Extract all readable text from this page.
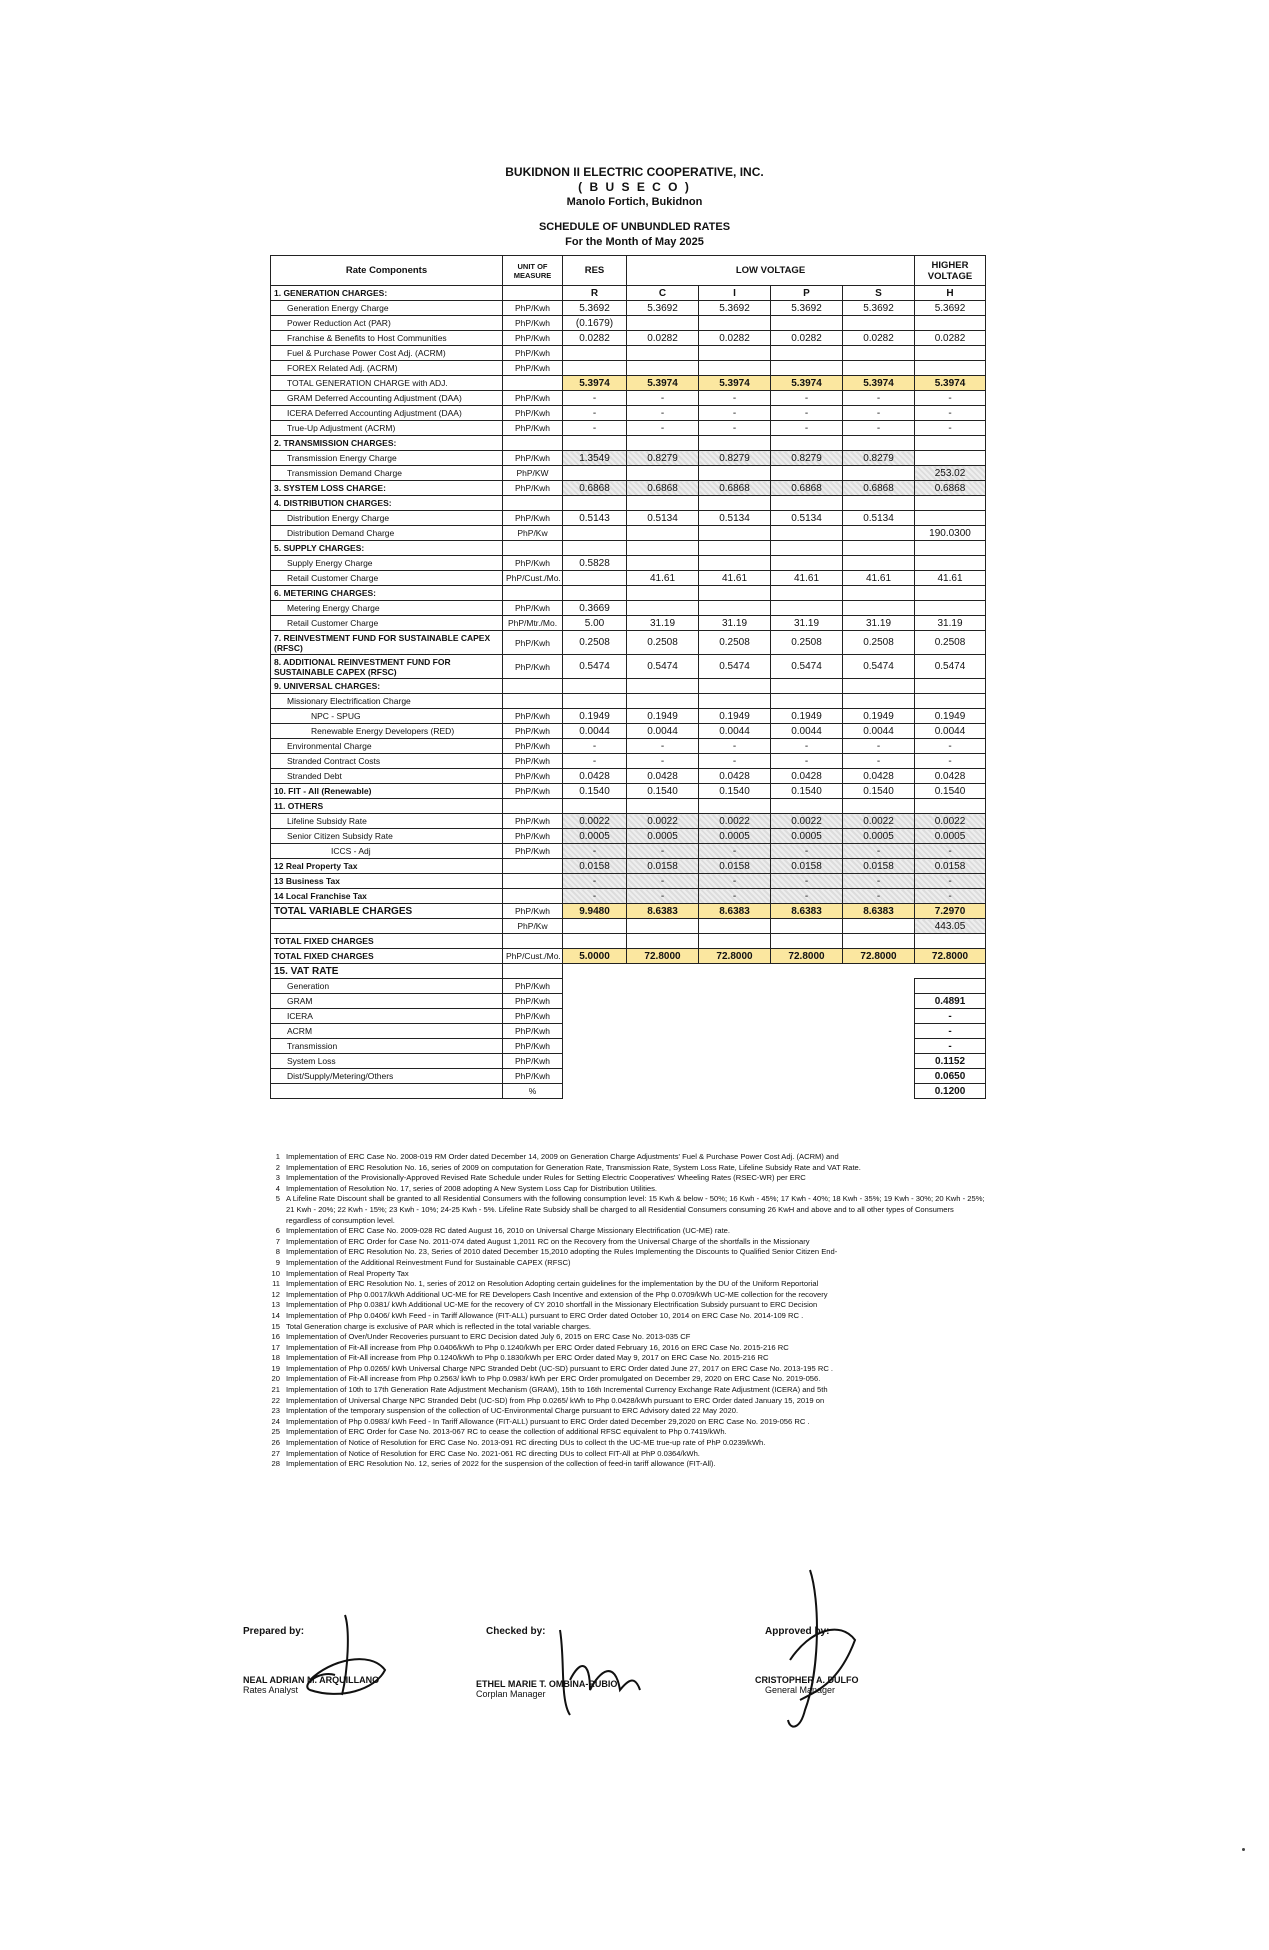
BUKIDNON II ELECTRIC COOPERATIVE, INC.
( B U S E C O )
Manolo Fortich, Bukidnon
SCHEDULE OF UNBUNDLED RATES
For the Month of May 2025
Rate Components	UNIT OF MEASURE	RES	LOW VOLTAGE				HIGHER VOLTAGE
1. GENERATION CHARGES:		R	C	I	P	S	H
Generation Energy Charge	PhP/Kwh	5.3692	5.3692	5.3692	5.3692	5.3692	5.3692
Power Reduction Act (PAR)	PhP/Kwh	(0.1679)					
Franchise & Benefits to Host Communities	PhP/Kwh	0.0282	0.0282	0.0282	0.0282	0.0282	0.0282
Fuel & Purchase Power Cost Adj. (ACRM)	PhP/Kwh						
FOREX Related Adj. (ACRM)	PhP/Kwh						
TOTAL GENERATION CHARGE with ADJ.		5.3974	5.3974	5.3974	5.3974	5.3974	5.3974
GRAM Deferred Accounting Adjustment (DAA)	PhP/Kwh	-	-	-	-	-	-
ICERA Deferred Accounting Adjustment (DAA)	PhP/Kwh	-	-	-	-	-	-
True-Up Adjustment (ACRM)	PhP/Kwh	-	-	-	-	-	-
2. TRANSMISSION CHARGES:							
Transmission Energy Charge	PhP/Kwh	1.3549	0.8279	0.8279	0.8279	0.8279	
Transmission Demand Charge	PhP/KW						253.02
3. SYSTEM LOSS CHARGE:	PhP/Kwh	0.6868	0.6868	0.6868	0.6868	0.6868	0.6868
4. DISTRIBUTION CHARGES:							
Distribution Energy Charge	PhP/Kwh	0.5143	0.5134	0.5134	0.5134	0.5134	
Distribution Demand Charge	PhP/Kw						190.0300
5. SUPPLY CHARGES:							
Supply Energy Charge	PhP/Kwh	0.5828					
Retail Customer Charge	PhP/Cust./Mo.		41.61	41.61	41.61	41.61	41.61
6. METERING CHARGES:							
Metering Energy Charge	PhP/Kwh	0.3669					
Retail Customer Charge	PhP/Mtr./Mo.	5.00	31.19	31.19	31.19	31.19	31.19
7. REINVESTMENT FUND FOR SUSTAINABLE CAPEX (RFSC)	PhP/Kwh	0.2508	0.2508	0.2508	0.2508	0.2508	0.2508
8. ADDITIONAL REINVESTMENT FUND FOR SUSTAINABLE CAPEX (RFSC)	PhP/Kwh	0.5474	0.5474	0.5474	0.5474	0.5474	0.5474
9. UNIVERSAL CHARGES:							
Missionary Electrification Charge							
NPC - SPUG	PhP/Kwh	0.1949	0.1949	0.1949	0.1949	0.1949	0.1949
Renewable Energy Developers (RED)	PhP/Kwh	0.0044	0.0044	0.0044	0.0044	0.0044	0.0044
Environmental Charge	PhP/Kwh	-	-	-	-	-	-
Stranded Contract Costs	PhP/Kwh	-	-	-	-	-	-
Stranded Debt	PhP/Kwh	0.0428	0.0428	0.0428	0.0428	0.0428	0.0428
10. FIT - All (Renewable)	PhP/Kwh	0.1540	0.1540	0.1540	0.1540	0.1540	0.1540
11. OTHERS							
Lifeline Subsidy Rate	PhP/Kwh	0.0022	0.0022	0.0022	0.0022	0.0022	0.0022
Senior Citizen Subsidy Rate	PhP/Kwh	0.0005	0.0005	0.0005	0.0005	0.0005	0.0005
ICCS - Adj	PhP/Kwh	-	-	-	-	-	-
12 Real Property Tax		0.0158	0.0158	0.0158	0.0158	0.0158	0.0158
13 Business Tax		-	-	-	-	-	-
14 Local Franchise Tax		-	-	-	-	-	-
TOTAL VARIABLE CHARGES	PhP/Kwh	9.9480	8.6383	8.6383	8.6383	8.6383	7.2970
	PhP/Kw						443.05
TOTAL FIXED CHARGES							
TOTAL FIXED CHARGES	PhP/Cust./Mo.	5.0000	72.8000	72.8000	72.8000	72.8000	72.8000
15. VAT RATE							
Generation	PhP/Kwh						
GRAM	PhP/Kwh						0.4891
ICERA	PhP/Kwh						-
ACRM	PhP/Kwh						-
Transmission	PhP/Kwh						-
System Loss	PhP/Kwh						0.1152
Dist/Supply/Metering/Others	PhP/Kwh						0.0650
	%						0.1200
1 Implementation of ERC Case No. 2008-019 RM Order dated December 14, 2009 on Generation Charge Adjustments' Fuel & Purchase Power Cost Adj. (ACRM) and
2 Implementation of ERC Resolution No. 16, series of 2009 on computation for Generation Rate, Transmission Rate, System Loss Rate, Lifeline Subsidy Rate and VAT Rate.
3 Implementation of the Provisionally-Approved Revised Rate Schedule under Rules for Setting Electric Cooperatives' Wheeling Rates (RSEC-WR) per ERC
4 Implementation of Resolution No. 17, series of 2008 adopting A New System Loss Cap for Distribution Utilities.
5 A Lifeline Rate Discount shall be granted to all Residential Consumers with the following consumption level: 15 Kwh & below - 50%; 16 Kwh - 45%; 17 Kwh - 40%; 18 Kwh - 35%; 19 Kwh - 30%; 20 Kwh - 25%; 21 Kwh - 20%; 22 Kwh - 15%; 23 Kwh - 10%; 24-25 Kwh - 5%. Lifeline Rate Subsidy shall be charged to all Residential Consumers consuming 26 KwH and above and to all other types of Consumers regardless of consumption level.
6 Implementation of ERC Case No. 2009-028 RC dated August 16, 2010 on Universal Charge Missionary Electrification (UC-ME) rate.
7 Implementation of ERC Order for Case No. 2011-074 dated August 1,2011 RC on the Recovery from the Universal Charge of the shortfalls in the Missionary
8 Implementation of ERC Resolution No. 23, Series of 2010 dated December 15,2010 adopting the Rules Implementing the Discounts to Qualified Senior Citizen End-
9 Implementation of the Additional Reinvestment Fund for Sustainable CAPEX (RFSC)
10 Implementation of Real Property Tax
11 Implementation of ERC Resolution No. 1, series of 2012 on Resolution Adopting certain guidelines for the implementation by the DU of the Uniform Reportorial
12 Implementation of Php 0.0017/kWh Additional UC-ME for RE Developers Cash Incentive and extension of the Php 0.0709/kWh UC-ME collection for the recovery
13 Implementation of Php 0.0381/ kWh Additional UC-ME for the recovery of CY 2010 shortfall in the Missionary Electrification Subsidy pursuant to ERC Decision
14 Implementation of Php 0.0406/ kWh Feed - in Tariff Allowance (FIT-ALL) pursuant to ERC Order dated October 10, 2014 on ERC Case No. 2014-109 RC .
15 Total Generation charge is exclusive of PAR which is reflected in the total variable charges.
16 Implementation of Over/Under Recoveries pursuant to ERC Decision dated July 6, 2015 on ERC Case No. 2013-035 CF
17 Implementation of Fit-All increase from Php 0.0406/kWh to Php 0.1240/kWh per ERC Order dated February 16, 2016 on ERC Case No. 2015-216 RC
18 Implementation of Fit-All increase from Php 0.1240/kWh to Php 0.1830/kWh per ERC Order dated May 9, 2017 on ERC Case No. 2015-216 RC
19 Implementation of Php 0.0265/ kWh Universal Charge NPC Stranded Debt (UC-SD) pursuant to ERC Order dated June 27, 2017 on ERC Case No. 2013-195 RC .
20 Implementation of Fit-All increase from Php 0.2563/ kWh to Php 0.0983/ kWh per ERC Order promulgated on December 29, 2020 on ERC Case No. 2019-056.
21 Implementation of 10th to 17th Generation Rate Adjustment Mechanism (GRAM), 15th to 16th Incremental Currency Exchange Rate Adjustment (ICERA) and 5th
22 Implementation of Universal Charge NPC Stranded Debt (UC-SD) from Php 0.0265/ kWh to Php 0.0428/kWh pursuant to ERC Order dated January 15, 2019 on
23 Implentation of the temporary suspension of the collection of UC-Environmental Charge pursuant to ERC Advisory dated 22 May 2020.
24 Implementation of Php 0.0983/ kWh Feed - In Tariff Allowance (FIT-ALL) pursuant to ERC Order dated December 29,2020 on ERC Case No. 2019-056 RC .
25 Implementation of ERC Order for Case No. 2013-067 RC to cease the collection of additional RFSC equivalent to Php 0.7419/kWh.
26 Implementation of Notice of Resolution for ERC Case No. 2013-091 RC directing DUs to collect th the UC-ME true-up rate of PhP 0.0239/kWh.
27 Implementation of Notice of Resolution for ERC Case No. 2021-061 RC directing DUs to collect FIT-All at PhP 0.0364/kWh.
28 Implementation of ERC Resolution No. 12, series of 2022 for the suspension of the collection of feed-in tariff allowance (FIT-All).
Prepared by:
NEAL ADRIAN M. ARQUILLANO
Rates Analyst
Checked by:
ETHEL MARIE T. OMBINA-RUBIO
Corplan Manager
Approved by:
CRISTOPHER A. DULFO
General Manager
